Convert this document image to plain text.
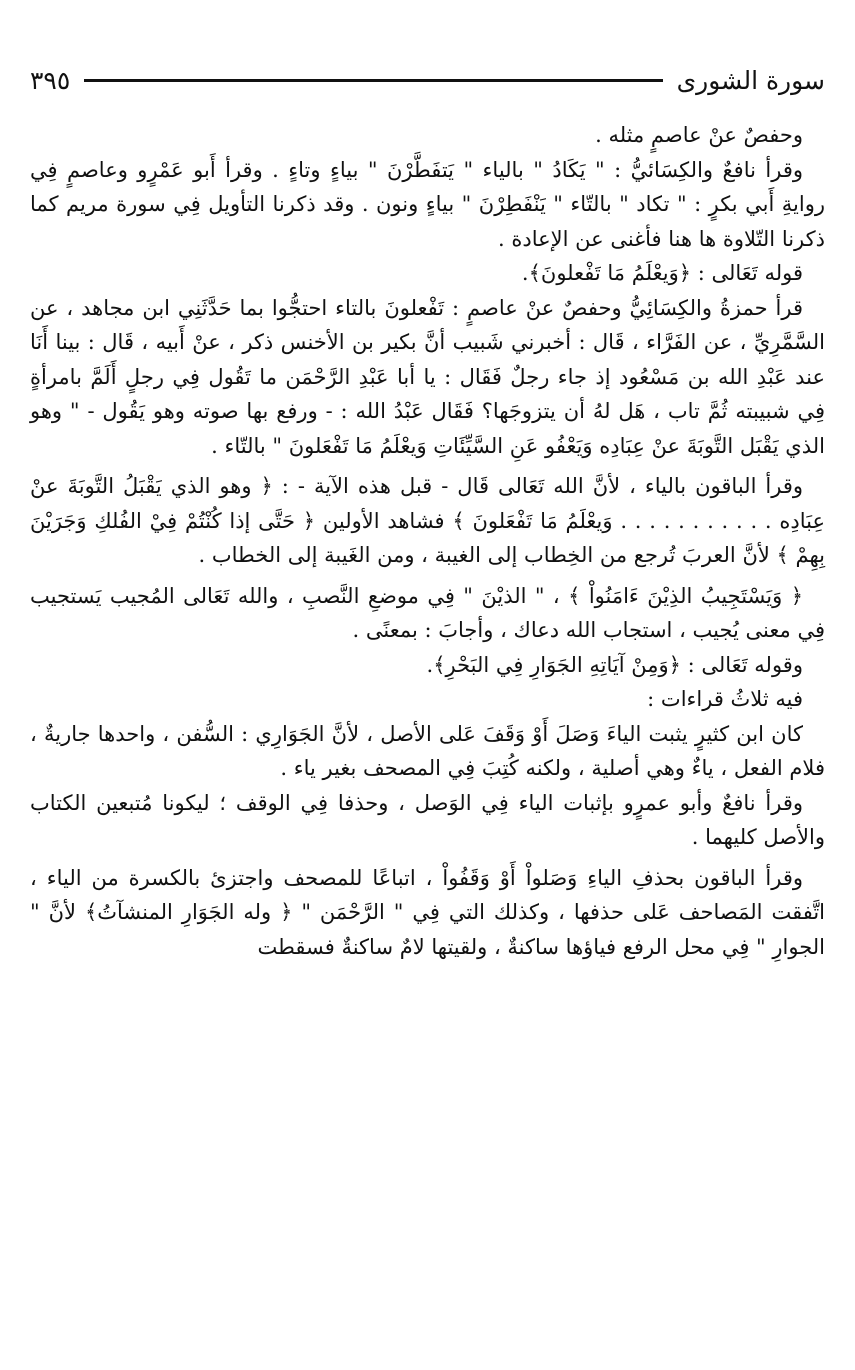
سورة الشورى
٣٩٥

وحفصٌ عنْ عاصمٍ مثله .

وقرأ نافعٌ والكِسَائيُّ : " يَكَادُ " بالياء " يَتفَطَّرْنَ " بياءٍ وتاءٍ . وقرأ أَبو عَمْرٍو وعاصمٍ فِي روايةِ أَبي بكرٍ : " تكاد " بالتّاء " يَنْفَطِرْنَ " بياءٍ ونون . وقد ذكرنا التأويل فِي سورة مريم كما ذكرنا التّلاوة ها هنا فأغنى عن الإعادة .

قوله تَعَالى : ﴿وَيعْلَمُ مَا تَفْعلونَ﴾.

قرأ حمزةُ والكِسَائِيُّ وحفصٌ عنْ عاصمٍ : تَفْعلونَ بالتاء احتجُّوا بما حَدَّثَنِي ابن مجاهد ، عن السَّمَّرِيِّ ، عن الفَرَّاء ، قَال : أخبرني شَبيب أنَّ بكير بن الأخنس ذكر ، عنْ أَبيه ، قَال : بينا أَنَا عند عَبْدِ الله بن مَسْعُود إذ جاء رجلٌ فَقَال : يا أبا عَبْدِ الرَّحْمَن ما تَقُول فِي رجلٍ أَلَمَّ بامرأةٍ فِي شبيبته ثُمَّ تاب ، هَل لهُ أن يتزوجَها؟ فَقَال عَبْدُ الله : - ورفع بها صوته وهو يَقُول - " وهو الذي يَقْبَل التَّوبَةَ عنْ عِبَادِه وَيَعْفُو عَنِ السَّيِّئَاتِ وَيعْلَمُ مَا تَفْعَلونَ " بالتّاء .

وقرأ الباقون بالياء ، لأنَّ الله تَعَالى قَال - قبل هذه الآية - : ﴿ وهو الذي يَقْبَلُ التَّوبَةَ عنْ عِبَادِه . . . . . . . . . . . وَيعْلَمُ مَا تَفْعَلونَ ﴾ فشاهد الأولين ﴿ حَتَّى إذا كُنْتُمْ فِيْ الفُلكِ وَجَرَيْنَ بِهِمْ ﴾ لأنَّ العربَ تُرجع من الخِطاب إلى الغيبة ، ومن الغَيبة إلى الخطاب .

﴿ وَيَسْتَجِيبُ الذِيْنَ ءَامَنُواْ ﴾ ، " الذيْنَ " فِي موضعِ النَّصبِ ، والله تَعَالى المُجيب يَستجيب فِي معنى يُجيب ، استجاب الله دعاك ، وأجابَ : بمعنًى .

وقوله تَعَالى : ﴿وَمِنْ آيَاتِهِ الجَوَارِ فِي البَحْرِ﴾.

فيه ثلاثُ قراءات :

كان ابن كثيرٍ يثبت الياءَ وَصَلَ أَوْ وَقَفَ عَلى الأصل ، لأنَّ الجَوَارِي : السُّفن ، واحدها جاريةٌ ، فلام الفعل ، ياءٌ وهي أصلية ، ولكنه كُتِبَ فِي المصحف بغير ياء .

وقرأ نافعٌ وأبو عمرٍو بإثبات الياء فِي الوَصل ، وحذفا فِي الوقف ؛ ليكونا مُتبعين الكتاب والأصل كليهما .

وقرأ الباقون بحذفِ الياءِ وَصَلواْ أَوْ وَقَفُواْ ، اتباعًا للمصحف واجتزئ بالكسرة من الياء ، اتَّفقت المَصاحف عَلى حذفها ، وكذلك التي فِي " الرَّحْمَن " ﴿ وله الجَوَارِ المنشآتُ﴾ لأنَّ " الجوارِ " فِي محل الرفع فياؤها ساكنةٌ ، ولقيتها لامٌ ساكنةٌ فسقطت
